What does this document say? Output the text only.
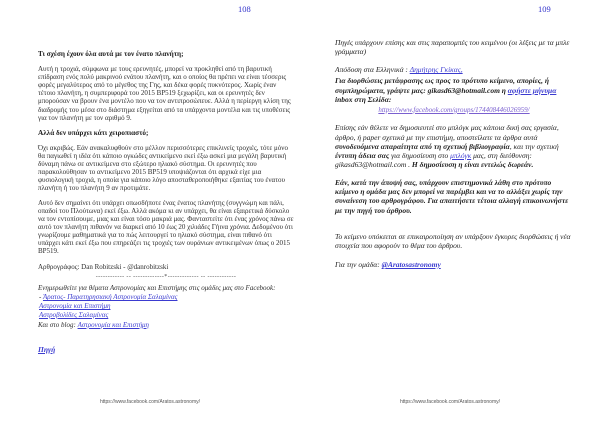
108
Τι σχέση έχουν όλα αυτά με τον ένατο πλανήτη;

Αυτή η τροχιά, σύμφωνα με τους ερευνητές, μπορεί να προκληθεί από τη βαρυτική επίδραση ενός πολύ μακρινού ενάτου πλανήτη, και ο οποίος θα πρέπει να είναι τέσσερις φορές μεγαλύτερος από το μέγεθος της Γης, και δέκα φορές πυκνότερος. Χωρίς έναν τέτοιο πλανήτη, η συμπεριφορά του 2015 BP519 ξεχωρίζει, και οι ερευνητές δεν μπορούσαν να βρουν ένα μοντέλο που να τον αντιπροσώπευε. Αλλά η περίεργη κλίση της διαδρομής του μέσα στο διάστημα εξηγείται από τα υπάρχοντα μοντέλα και τις υποθέσεις για τον πλανήτη με τον αριθμό 9.

Αλλά δεν υπάρχει κάτι χειροπιαστό;

Όχι ακριβώς. Εάν ανακαλυφθούν στο μέλλον περισσότερες επικλινείς τροχιές, τότε μόνο θα παγιωθεί η ιδέα ότι κάποιο ογκώδες αντικείμενο εκεί έξω ασκεί μια μεγάλη βαρυτική δύναμη πάνω σε αντικείμενα στο εξώτερο ηλιακό σύστημα. Οι ερευνητές που παρακολούθησαν το αντικείμενο 2015 BP519 υποψιάζονται ότι αρχικά είχε μια φυσιολογική τροχιά, η οποία για κάποιο λόγο αποσταθεροποιήθηκε εξαιτίας του ένατου πλανήτη ή του πλανήτη 9 αν προτιμάτε.

Αυτό δεν σημαίνει ότι υπάρχει οπωσδήποτε ένας ένατος πλανήτης (συγγνώμη και πάλι, οπαδοί του Πλούτωνα) εκεί έξω. Αλλά ακόμα κι αν υπάρχει, θα είναι εξαιρετικά δύσκολο να τον εντοπίσουμε, μιας και είναι τόσο μακριά μας. Φανταστείτε ότι ένας χρόνος πάνω σε αυτό τον πλανήτη πιθανόν να διαρκεί από 10 έως 20 χιλιάδες Γήινα χρόνια. Δεδομένου ότι γνωρίζουμε μαθηματικά για το πώς λειτουργεί το ηλιακό σύστημα, είναι πιθανό ότι υπάρχει κάτι εκεί έξω που επηρεάζει τις τροχιές των ουράνιων αντικειμένων όπως ο 2015 BP519.

Αρθρογράφος: Dan Robitzski - @danrobitzski

------------ -- -------------*------------- -- ------------

Ενημερωθείτε για θέματα Αστρονομίας και Επιστήμης στις ομάδες μας στο Facebook:

- Άρατος- Παρατηρησιακή Αστρονομία Σαλαμίνας
Αστρονομία και Επιστήμη
Αστροβολίδες Σαλαμίνας

Και στο blog: Αστρονομία και Επιστήμη

Πηγή

https://www.facebook.com/Aratos.astronomy/
109

Πηγές υπάρχουν επίσης και στις παραπομπές του κειμένου (οι λέξεις με τα μπλε γράμματα)

Απόδοση στα Ελληνικά : Δημήτρης Γκίκας,

Για διορθώσεις μετάφρασης ως προς το πρότυπο κείμενο, απορίες, ή συμπληρώματα, γράψτε μας: gikasd63@hotmail.com η αφήστε μήνυμα inbox στη Σελίδα:

https://www.facebook.com/groups/174408446026959/

Επίσης εάν θέλετε να δημοσιευτεί στο μπλόγκ μας κάποια δική σας εργασία, άρθρο, ή paper σχετικά με την επιστήμη, αποστείλατε τα άρθρα αυτά συνοδευόμενα απαραίτητα από τη σχετική βιβλιογραφία, και την σχετική έντυπη άδεια σας για δημοσίευση στο μπλόγκ μας, στη διεύθυνση: gikasd63@hotmail.com . Η δημοσίευση η είναι εντελώς δωρεάν.

Εάν, κατά την άποψή σας, υπάρχουν επιστημονικά λάθη στο πρότυπο κείμενο η ομάδα μας δεν μπορεί να παρέμβει και να το αλλάξει χωρίς την συναίνεση του αρθρογράφου. Για απαιτήσετε τέτοια αλλαγή επικοινωνήστε με την πηγή του άρθρου.

Το κείμενο υπόκειται σε επικαιροποίηση αν υπάρξουν έγκυρες διορθώσεις ή νέα στοιχεία που αφορούν το θέμα του άρθρου.

Για την ομάδα: @Aratosastronomy

https://www.facebook.com/Aratos.astronomy/
